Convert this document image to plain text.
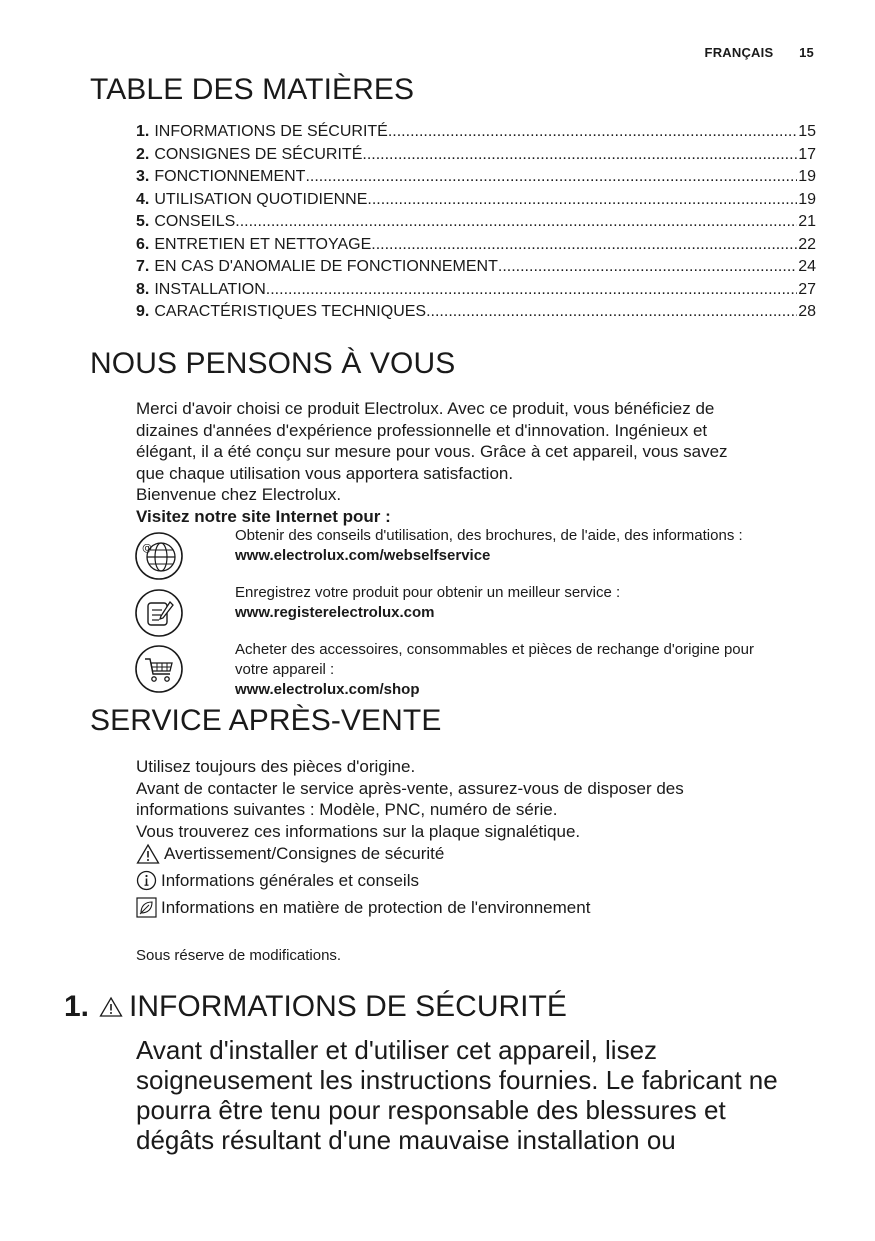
FRANÇAIS 15
TABLE DES MATIÈRES
1. INFORMATIONS DE SÉCURITÉ .....	15
2. CONSIGNES DE SÉCURITÉ .....	17
3. FONCTIONNEMENT .....	19
4. UTILISATION QUOTIDIENNE .....	19
5. CONSEILS .....	21
6. ENTRETIEN ET NETTOYAGE .....	22
7. EN CAS D'ANOMALIE DE FONCTIONNEMENT .....	24
8. INSTALLATION .....	27
9. CARACTÉRISTIQUES TECHNIQUES .....	28
NOUS PENSONS À VOUS
Merci d'avoir choisi ce produit Electrolux. Avec ce produit, vous bénéficiez de
dizaines d'années d'expérience professionnelle et d'innovation. Ingénieux et
élégant, il a été conçu sur mesure pour vous. Grâce à cet appareil, vous savez
que chaque utilisation vous apportera satisfaction.
Bienvenue chez Electrolux.
Visitez notre site Internet pour :
@
Obtenir des conseils d'utilisation, des brochures, de l'aide, des informations :
www.electrolux.com/webselfservice
Enregistrez votre produit pour obtenir un meilleur service :
www.registerelectrolux.com
Acheter des accessoires, consommables et pièces de rechange d'origine pour
votre appareil :
www.electrolux.com/shop
SERVICE APRÈS-VENTE
Utilisez toujours des pièces d'origine.
Avant de contacter le service après-vente, assurez-vous de disposer des
informations suivantes : Modèle, PNC, numéro de série.
Vous trouverez ces informations sur la plaque signalétique.
Avertissement/Consignes de sécurité
Informations générales et conseils
Informations en matière de protection de l'environnement
Sous réserve de modifications.
1. INFORMATIONS DE SÉCURITÉ
Avant d'installer et d'utiliser cet appareil, lisez
soigneusement les instructions fournies. Le fabricant ne
pourra être tenu pour responsable des blessures et
dégâts résultant d'une mauvaise installation ou
